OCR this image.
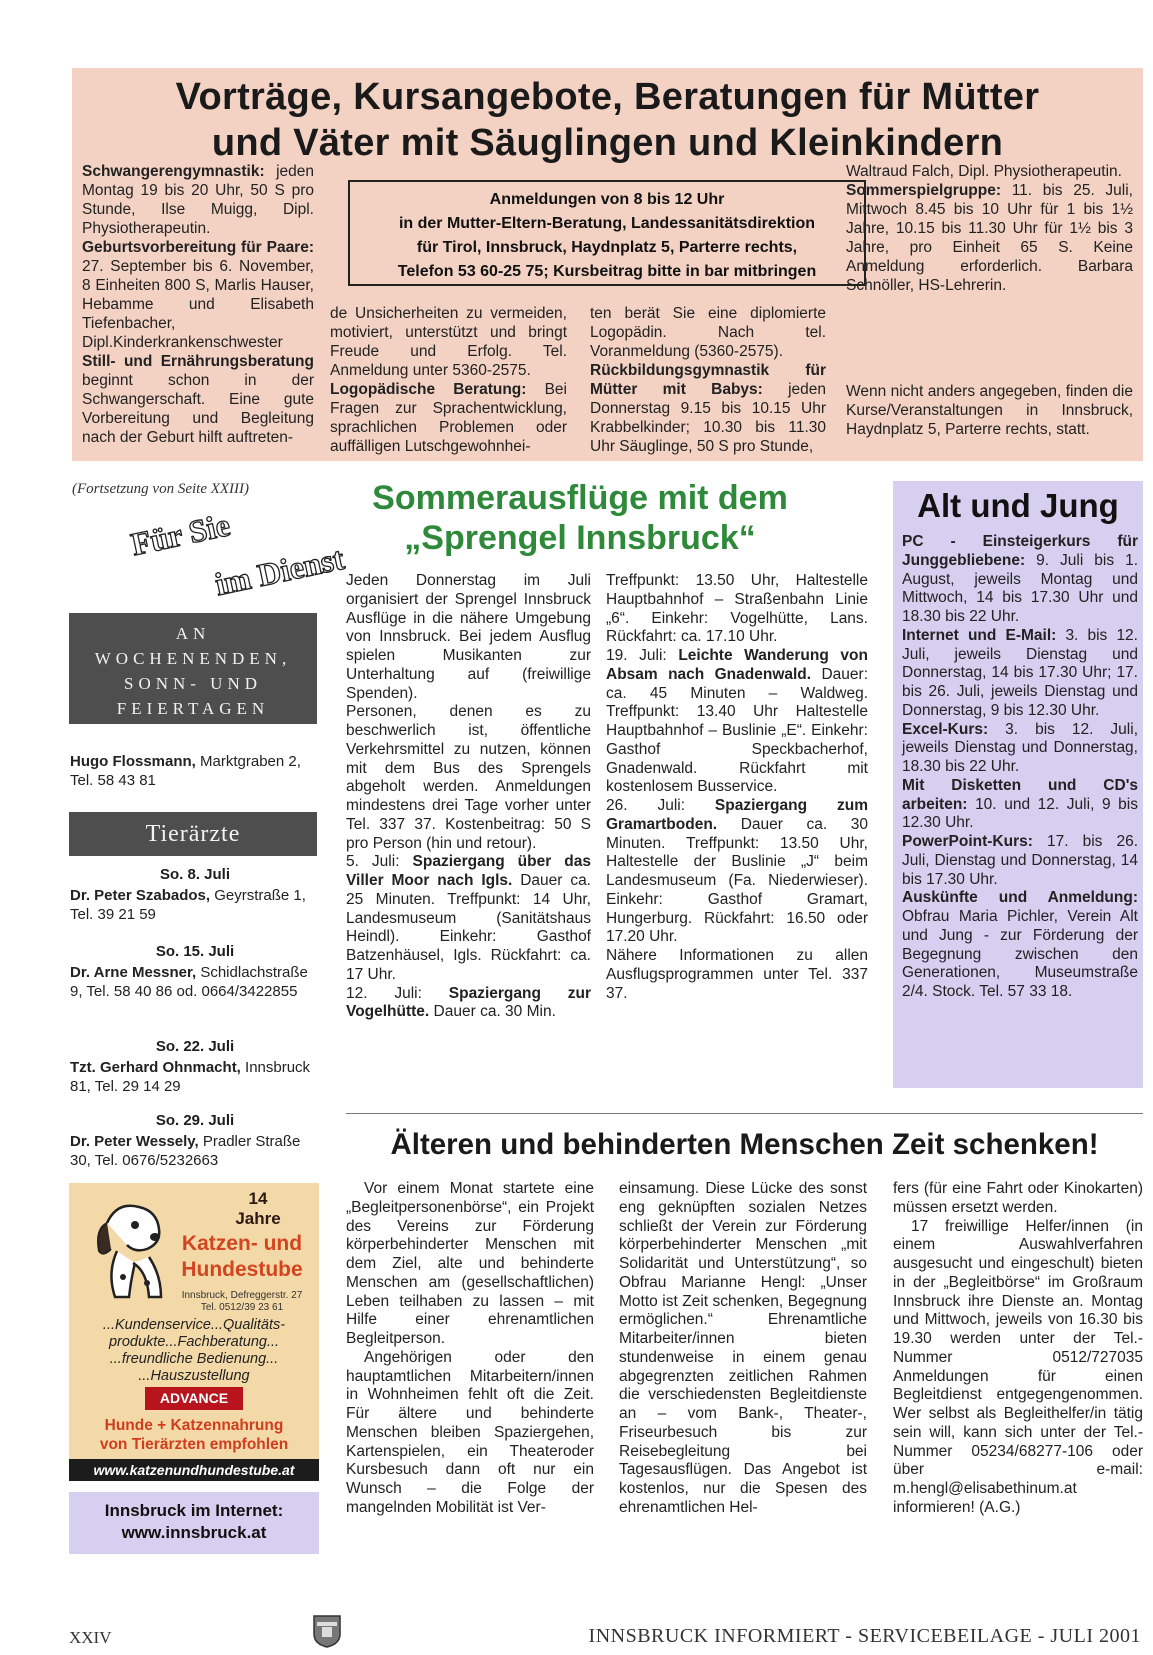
Vorträge, Kursangebote, Beratungen für Mütter
und Väter mit Säuglingen und Kleinkindern

Schwangerengymnastik: jeden Montag 19 bis 20 Uhr, 50 S pro Stunde, Ilse Muigg, Dipl. Physiotherapeutin.

Geburtsvorbereitung für Paare: 27. September bis 6. November, 8 Einheiten 800 S, Marlis Hauser, Hebamme und Elisabeth Tiefenbacher, Dipl.Kinderkrankenschwester

Still- und Ernährungsberatung beginnt schon in der Schwangerschaft. Eine gute Vorbereitung und Begleitung nach der Geburt hilft auftreten-

Anmeldungen von 8 bis 12 Uhr
in der Mutter-Eltern-Beratung, Landessanitätsdirektion
für Tirol, Innsbruck, Haydnplatz 5, Parterre rechts,
Telefon 53 60-25 75; Kursbeitrag bitte in bar mitbringen

de Unsicherheiten zu vermeiden, motiviert, unterstützt und bringt Freude und Erfolg. Tel. Anmeldung unter 5360-2575.

Logopädische Beratung: Bei Fragen zur Sprachentwicklung, sprachlichen Problemen oder auffälligen Lutschgewohnhei-

ten berät Sie eine diplomierte Logopädin. Nach tel. Voranmeldung (5360-2575).

Rückbildungsgymnastik für Mütter mit Babys: jeden Donnerstag 9.15 bis 10.15 Uhr Krabbelkinder; 10.30 bis 11.30 Uhr Säuglinge, 50 S pro Stunde,

Waltraud Falch, Dipl. Physiotherapeutin.

Sommerspielgruppe: 11. bis 25. Juli, Mittwoch 8.45 bis 10 Uhr für 1 bis 1½ Jahre, 10.15 bis 11.30 Uhr für 1½ bis 3 Jahre, pro Einheit 65 S. Keine Anmeldung erforderlich. Barbara Schnöller, HS-Lehrerin.

Wenn nicht anders angegeben, finden die Kurse/Veranstaltungen in Innsbruck, Haydnplatz 5, Parterre rechts, statt.

(Fortsetzung von Seite XXIII)
Für Sie
im Dienst
AN
WOCHENENDEN,
SONN- UND
FEIERTAGEN
Hugo Flossmann, Marktgraben 2, Tel. 58 43 81
Tierärzte
So. 8. Juli
Dr. Peter Szabados, Geyrstraße 1, Tel. 39 21 59
So. 15. Juli
Dr. Arne Messner, Schidlachstraße 9, Tel. 58 40 86 od. 0664/3422855
So. 22. Juli
Tzt. Gerhard Ohnmacht, Innsbruck 81, Tel. 29 14 29
So. 29. Juli
Dr. Peter Wessely, Pradler Straße 30, Tel. 0676/5232663
14
Jahre
Katzen- und
Hundestube
Innsbruck, Defreggerstr. 27
Tel. 0512/39 23 61
...Kundenservice...Qualitäts-
produkte...Fachberatung...
...freundliche Bedienung...
...Hauszustellung
ADVANCE
Hunde + Katzennahrung
von Tierärzten empfohlen
www.katzenundhundestube.at
Innsbruck im Internet:
www.innsbruck.at
Sommerausflüge mit dem
„Sprengel Innsbruck“

Jeden Donnerstag im Juli organisiert der Sprengel Innsbruck Ausflüge in die nähere Umgebung von Innsbruck. Bei jedem Ausflug spielen Musikanten zur Unterhaltung auf (freiwillige Spenden).

Personen, denen es zu beschwerlich ist, öffentliche Verkehrsmittel zu nutzen, können mit dem Bus des Sprengels abgeholt werden. Anmeldungen mindestens drei Tage vorher unter Tel. 337 37. Kostenbeitrag: 50 S pro Person (hin und retour).

5. Juli: Spaziergang über das Viller Moor nach Igls. Dauer ca. 25 Minuten. Treffpunkt: 14 Uhr, Landesmuseum (Sanitätshaus Heindl). Einkehr: Gasthof Batzenhäusel, Igls. Rückfahrt: ca. 17 Uhr.

12. Juli: Spaziergang zur Vogelhütte. Dauer ca. 30 Min.

Treffpunkt: 13.50 Uhr, Haltestelle Hauptbahnhof – Straßenbahn Linie „6“. Einkehr: Vogelhütte, Lans. Rückfahrt: ca. 17.10 Uhr.

19. Juli: Leichte Wanderung von Absam nach Gnadenwald. Dauer: ca. 45 Minuten – Waldweg. Treffpunkt: 13.40 Uhr Haltestelle Hauptbahnhof – Buslinie „E“. Einkehr: Gasthof Speckbacherhof, Gnadenwald. Rückfahrt mit kostenlosem Busservice.

26. Juli: Spaziergang zum Gramartboden. Dauer ca. 30 Minuten. Treffpunkt: 13.50 Uhr, Haltestelle der Buslinie „J“ beim Landesmuseum (Fa. Niederwieser). Einkehr: Gasthof Gramart, Hungerburg. Rückfahrt: 16.50 oder 17.20 Uhr.

Nähere Informationen zu allen Ausflugsprogrammen unter Tel. 337 37.

Alt und Jung

PC - Einsteigerkurs für Junggebliebene: 9. Juli bis 1. August, jeweils Montag und Mittwoch, 14 bis 17.30 Uhr und 18.30 bis 22 Uhr.

Internet und E-Mail: 3. bis 12. Juli, jeweils Dienstag und Donnerstag, 14 bis 17.30 Uhr; 17. bis 26. Juli, jeweils Dienstag und Donnerstag, 9 bis 12.30 Uhr.

Excel-Kurs: 3. bis 12. Juli, jeweils Dienstag und Donnerstag, 18.30 bis 22 Uhr.

Mit Disketten und CD's arbeiten: 10. und 12. Juli, 9 bis 12.30 Uhr.

PowerPoint-Kurs: 17. bis 26. Juli, Dienstag und Donnerstag, 14 bis 17.30 Uhr.

Auskünfte und Anmeldung: Obfrau Maria Pichler, Verein Alt und Jung - zur Förderung der Begegnung zwischen den Generationen, Museumstraße 2/4. Stock. Tel. 57 33 18.

Älteren und behinderten Menschen Zeit schenken!

Vor einem Monat startete eine „Begleitpersonenbörse“, ein Projekt des Vereins zur Förderung körperbehinderter Menschen mit dem Ziel, alte und behinderte Menschen am (gesellschaftlichen) Leben teilhaben zu lassen – mit Hilfe einer ehrenamtlichen Begleitperson.

Angehörigen oder den hauptamtlichen Mitarbeitern/innen in Wohnheimen fehlt oft die Zeit. Für ältere und behinderte Menschen bleiben Spaziergehen, Kartenspielen, ein Theateroder Kursbesuch dann oft nur ein Wunsch – die Folge der mangelnden Mobilität ist Ver-

einsamung. Diese Lücke des sonst eng geknüpften sozialen Netzes schließt der Verein zur Förderung körperbehinderter Menschen „mit Solidarität und Unterstützung“, so Obfrau Marianne Hengl: „Unser Motto ist Zeit schenken, Begegnung ermöglichen.“ Ehrenamtliche Mitarbeiter/innen bieten stundenweise in einem genau abgegrenzten zeitlichen Rahmen die verschiedensten Begleitdienste an – vom Bank-, Theater-, Friseurbesuch bis zur Reisebegleitung bei Tagesausflügen. Das Angebot ist kostenlos, nur die Spesen des ehrenamtlichen Hel-

fers (für eine Fahrt oder Kinokarten) müssen ersetzt werden.

17 freiwillige Helfer/innen (in einem Auswahlverfahren ausgesucht und eingeschult) bieten in der „Begleitbörse“ im Großraum Innsbruck ihre Dienste an. Montag und Mittwoch, jeweils von 16.30 bis 19.30 werden unter der Tel.-Nummer 0512/727035 Anmeldungen für einen Begleitdienst entgegengenommen. Wer selbst als Begleithelfer/in tätig sein will, kann sich unter der Tel.-Nummer 05234/68277-106 oder über e-mail: m.hengl@elisabethinum.at informieren! (A.G.)

XXIV	INNSBRUCK INFORMIERT - SERVICEBEILAGE - JULI 2001
